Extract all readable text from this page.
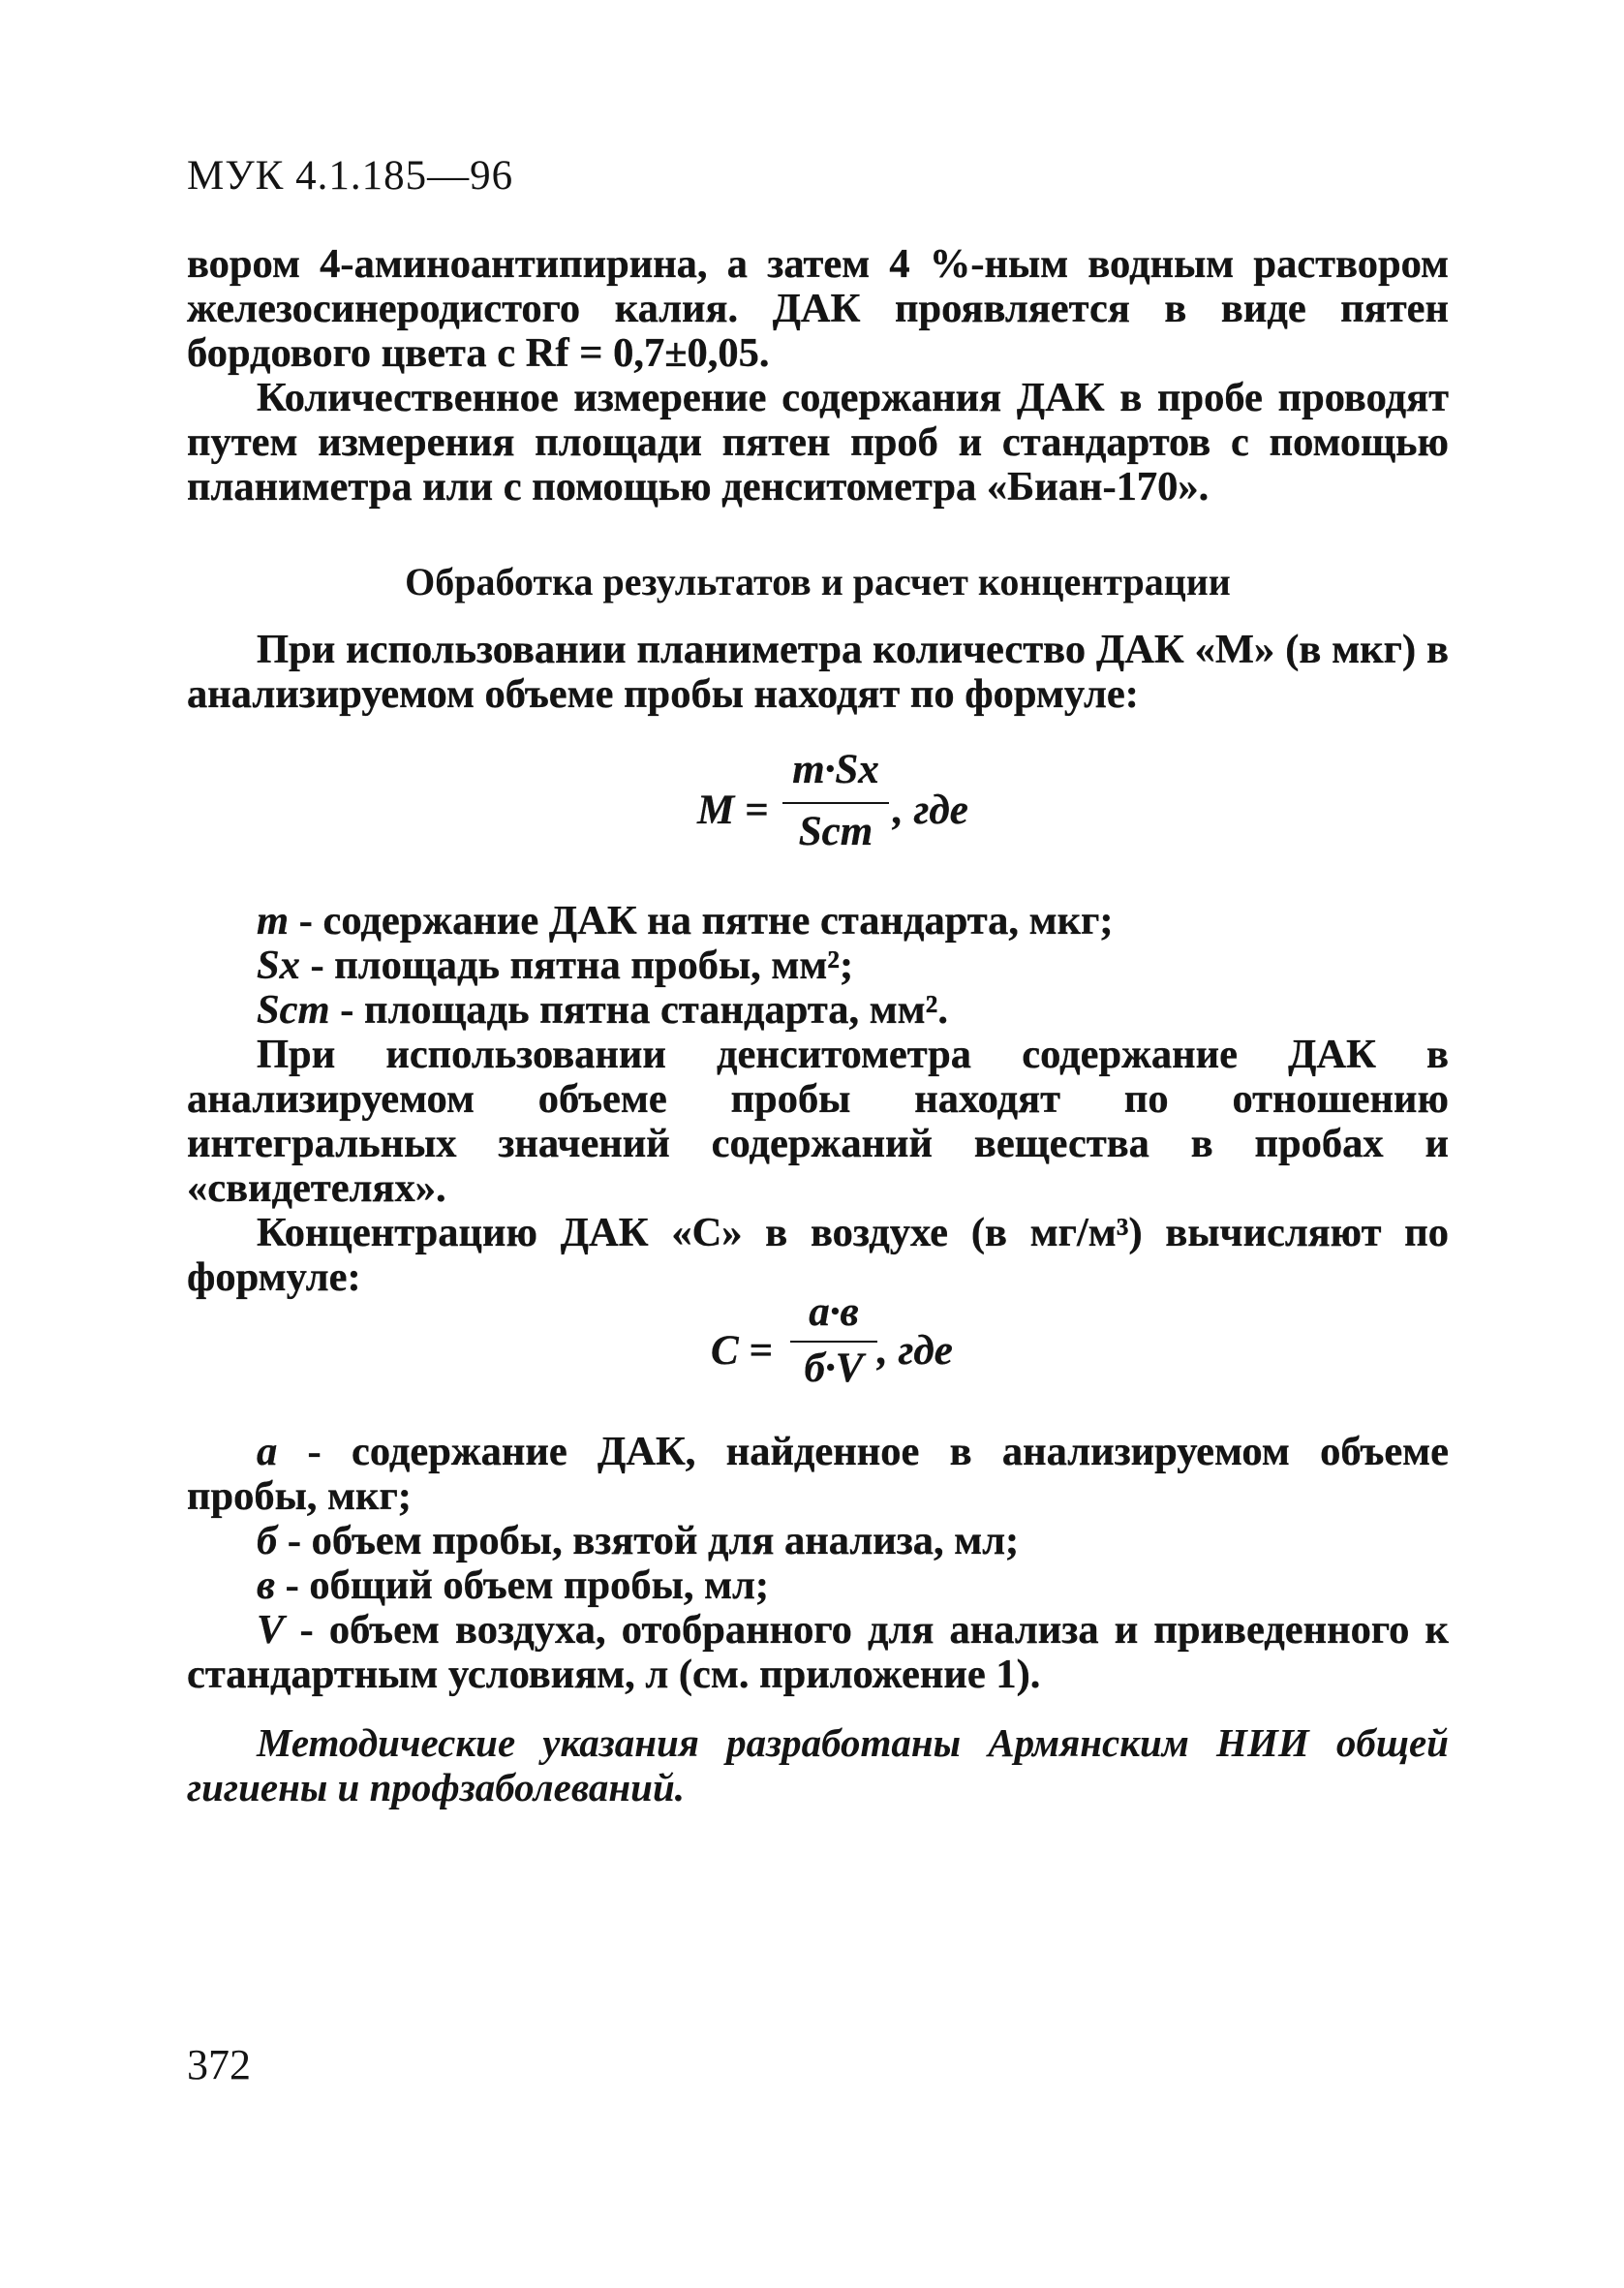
МУК 4.1.185—96

вором 4-аминоантипирина, а затем 4 %-ным водным раствором железосинеродистого калия. ДАК проявляется в виде пятен бордового цвета с Rf = 0,7±0,05.

Количественное измерение содержания ДАК в пробе проводят путем измерения площади пятен проб и стандартов с помощью планиметра или с помощью денситометра «Биан-170».

Обработка результатов и расчет концентрации

При использовании планиметра количество ДАК «М» (в мкг) в анализируемом объеме пробы находят по формуле:

M =
m·Sx
Scm , где

m - содержание ДАК на пятне стандарта, мкг;

Sx - площадь пятна пробы, мм²;

Scm - площадь пятна стандарта, мм².

При использовании денситометра содержание ДАК в анализируемом объеме пробы находят по отношению интегральных значений содержаний вещества в пробах и «свидетелях».

Концентрацию ДАК «С» в воздухе (в мг/м³) вычисляют по формуле:

C =
a·в
б·V , где

a - содержание ДАК, найденное в анализируемом объеме пробы, мкг;

б - объем пробы, взятой для анализа, мл;

в - общий объем пробы, мл;

V - объем воздуха, отобранного для анализа и приведенного к стандартным условиям, л (см. приложение 1).

Методические указания разработаны Армянским НИИ общей гигиены и профзаболеваний.
372
